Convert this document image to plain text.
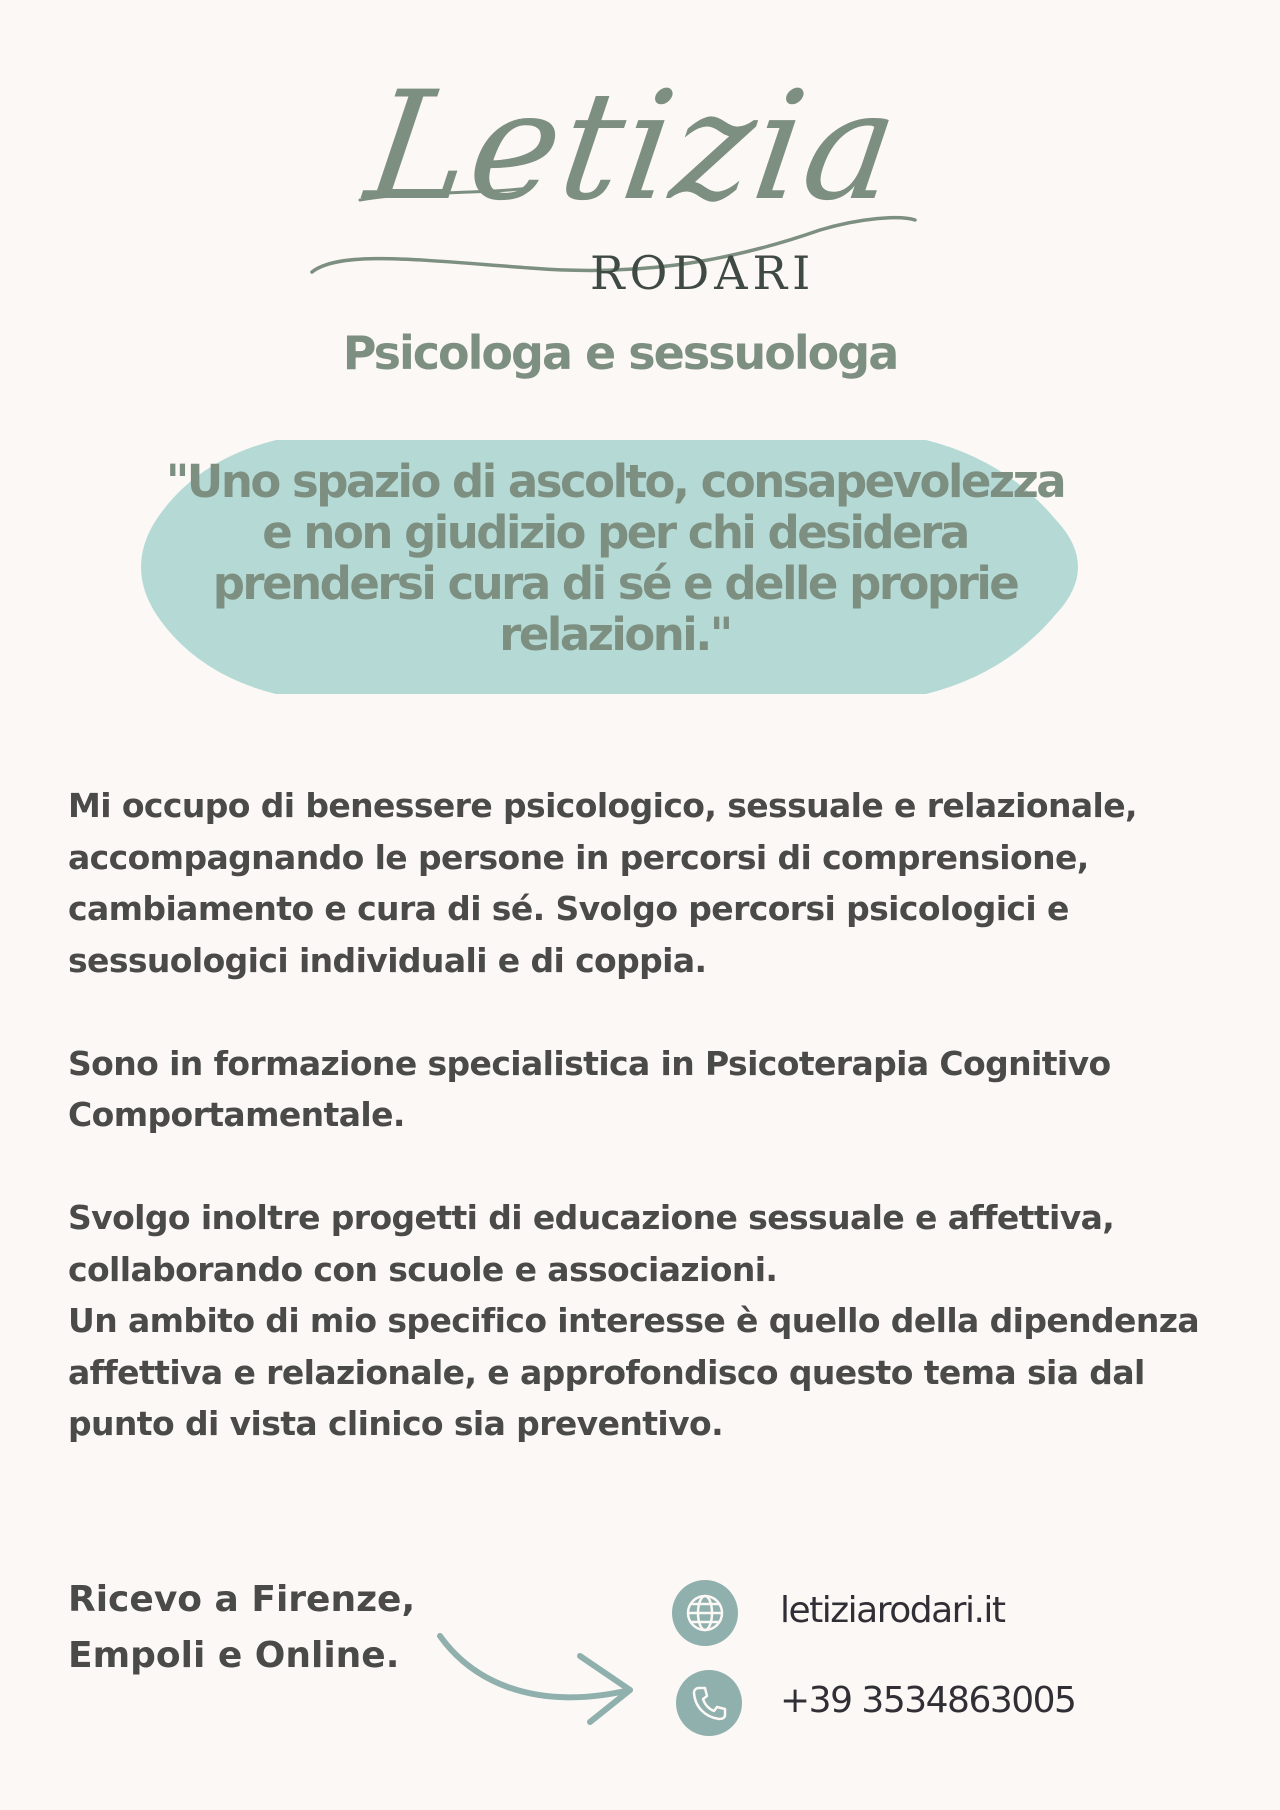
Letizia
RODARI
Psicologa e sessuologa
"Uno spazio di ascolto, consapevolezza e non giudizio per chi desidera prendersi cura di sé e delle proprie relazioni."

Mi occupo di benessere psicologico, sessuale e relazionale, accompagnando le persone in percorsi di comprensione, cambiamento e cura di sé. Svolgo percorsi psicologici e sessuologici individuali e di coppia.

Sono in formazione specialistica in Psicoterapia Cognitivo Comportamentale.

Svolgo inoltre progetti di educazione sessuale e affettiva, collaborando con scuole e associazioni.

Un ambito di mio specifico interesse è quello della dipendenza affettiva e relazionale, e approfondisco questo tema sia dal punto di vista clinico sia preventivo.

Ricevo a Firenze,
Empoli e Online.
letiziarodari.it
+39 3534863005
